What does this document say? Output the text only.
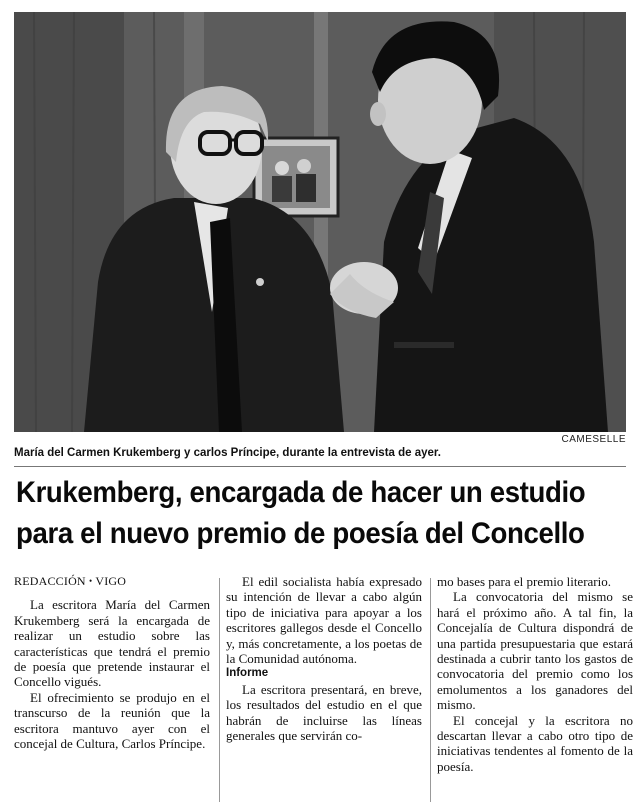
CAMESELLE
María del Carmen Krukemberg y carlos Príncipe, durante la entrevista de ayer.
Krukemberg, encargada de hacer un estudio
para el nuevo premio de poesía del Concello

REDACCIÓN • VIGO

La escritora María del Carmen Krukemberg será la encargada de realizar un estudio sobre las características que tendrá el premio de poesía que pretende instaurar el Concello vigués.

El ofrecimiento se produjo en el transcurso de la reunión que la escritora mantuvo ayer con el concejal de Cultura, Carlos Príncipe.

El edil socialista había expresado su intención de llevar a cabo algún tipo de iniciativa para apoyar a los escritores gallegos desde el Concello y, más concretamente, a los poetas de la Comunidad autónoma.

Informe

La escritora presentará, en breve, los resultados del estudio en el que habrán de incluirse las líneas generales que servirán co-

mo bases para el premio literario.

La convocatoria del mismo se hará el próximo año. A tal fin, la Concejalía de Cultura dispondrá de una partida presupuestaria que estará destinada a cubrir tanto los gastos de convocatoria del premio como los emolumentos a los ganadores del mismo.

El concejal y la escritora no descartan llevar a cabo otro tipo de iniciativas tendentes al fomento de la poesía.
